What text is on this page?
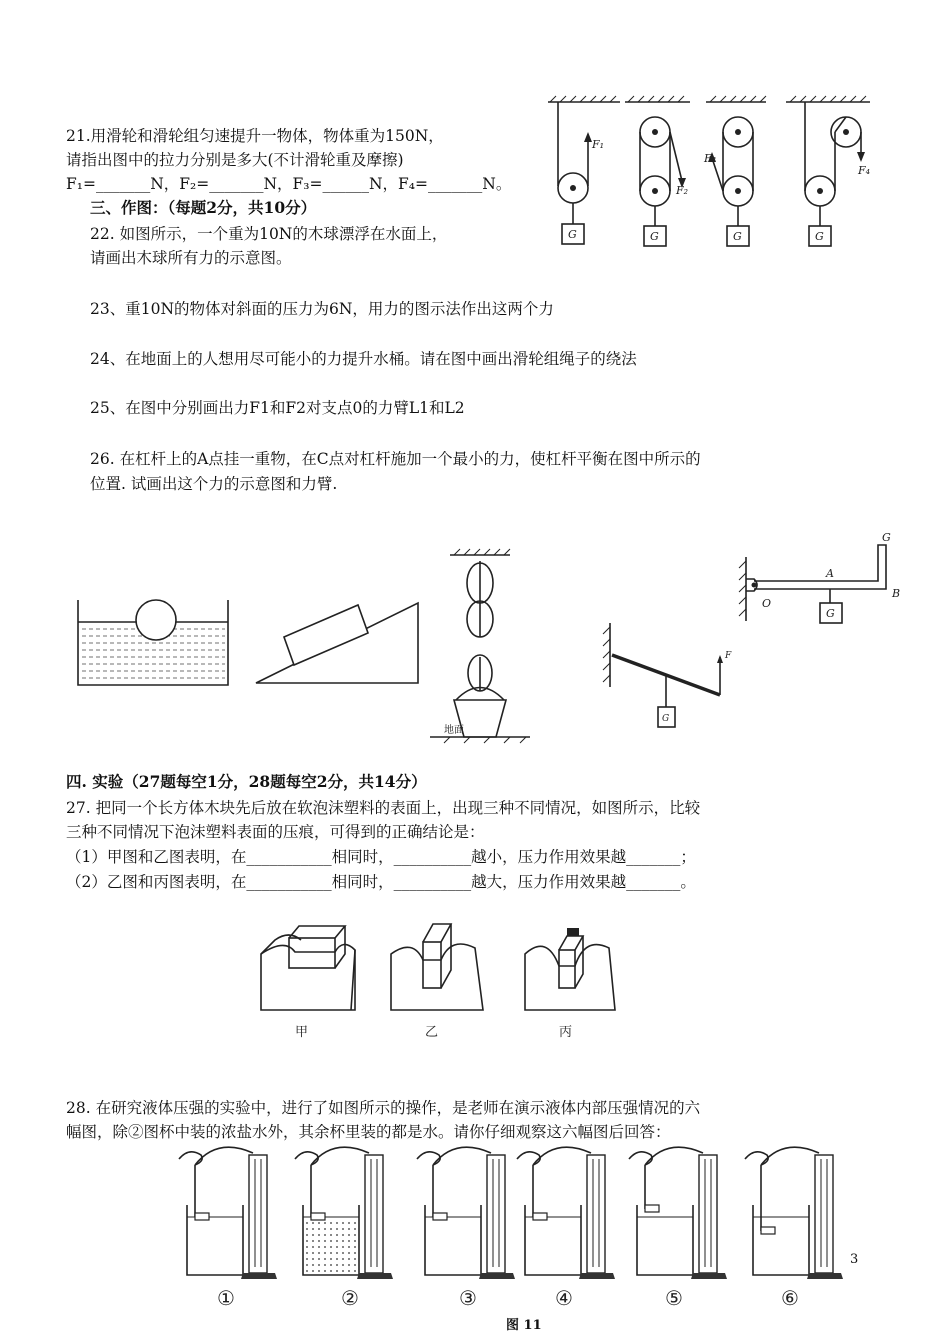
21.用滑轮和滑轮组匀速提升一物体，物体重为150N，
请指出图中的拉力分别是多大(不计滑轮重及摩擦)
F₁=_______N，F₂=_______N，F₃=______N，F₄=_______N。
三、作图：（每题2分，共10分）
22. 如图所示，一个重为10N的木球漂浮在水面上，
请画出木球所有力的示意图。
23、重10N的物体对斜面的压力为6N，用力的图示法作出这两个力
24、在地面上的人想用尽可能小的力提升水桶。请在图中画出滑轮组绳子的绕法
25、在图中分别画出力F1和F2对支点0的力臂L1和L2
26. 在杠杆上的A点挂一重物，在C点对杠杆施加一个最小的力，使杠杆平衡在图中所示的
位置. 试画出这个力的示意图和力臂.
G
F₁
G
F₂
G
F₃
G
F₄
地面
G
F
G
O
A
B
G
四. 实验（27题每空1分，28题每空2分，共14分）
27. 把同一个长方体木块先后放在软泡沫塑料的表面上，出现三种不同情况，如图所示，比较
三种不同情况下泡沫塑料表面的压痕，可得到的正确结论是：
（1）甲图和乙图表明，在___________相同时，__________越小，压力作用效果越_______；
（2）乙图和丙图表明，在___________相同时，__________越大，压力作用效果越_______。
甲	乙	丙
28. 在研究液体压强的实验中，进行了如图所示的操作，是老师在演示液体内部压强情况的六
幅图，除②图杯中装的浓盐水外，其余杯里装的都是水。请你仔细观察这六幅图后回答：
①	②	③	④	⑤	⑥
图 11
3
